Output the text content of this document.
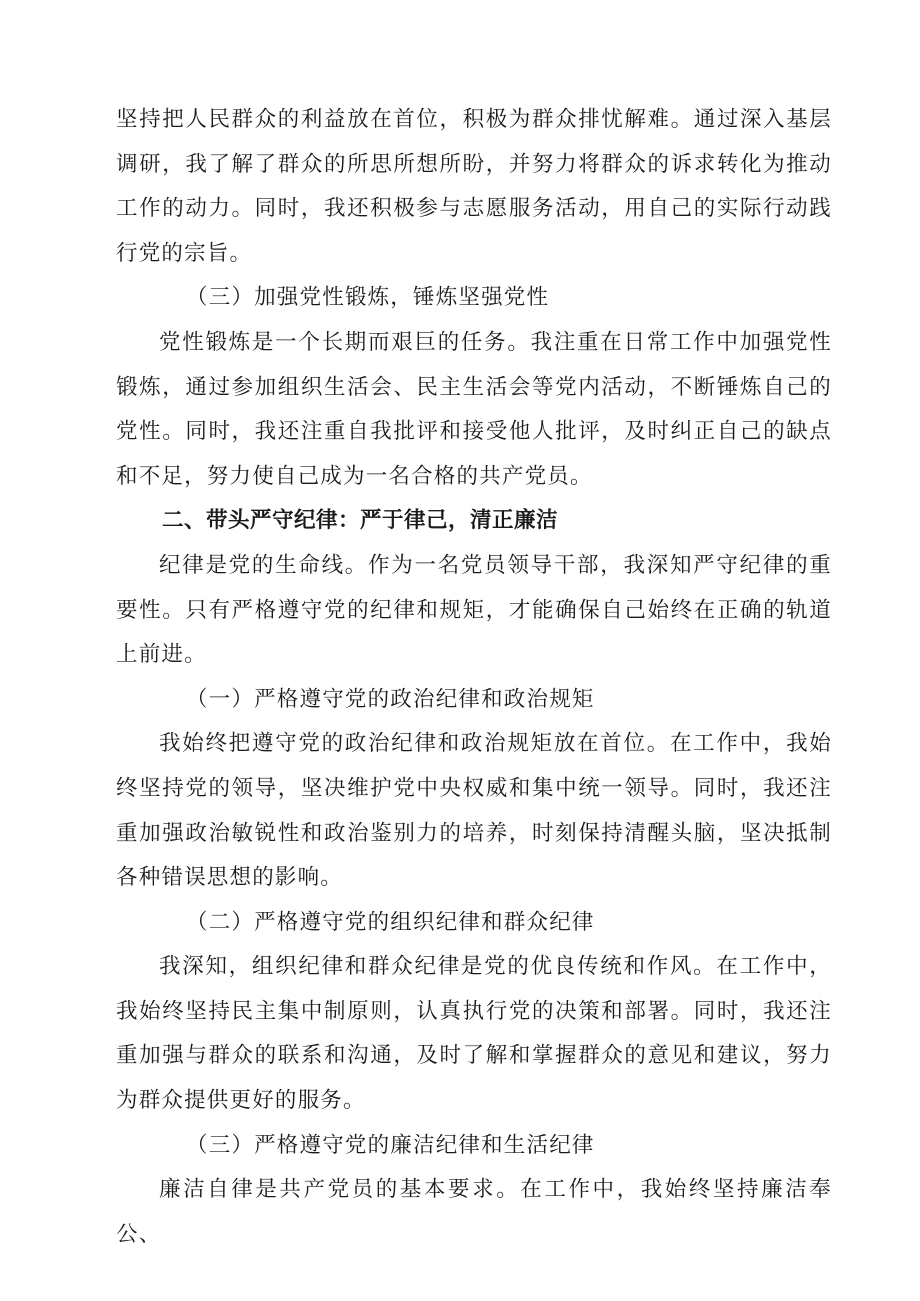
坚持把人民群众的利益放在首位，积极为群众排忧解难。通过深入基层调研，我了解了群众的所思所想所盼，并努力将群众的诉求转化为推动工作的动力。同时，我还积极参与志愿服务活动，用自己的实际行动践行党的宗旨。

（三）加强党性锻炼，锤炼坚强党性

党性锻炼是一个长期而艰巨的任务。我注重在日常工作中加强党性锻炼，通过参加组织生活会、民主生活会等党内活动，不断锤炼自己的党性。同时，我还注重自我批评和接受他人批评，及时纠正自己的缺点和不足，努力使自己成为一名合格的共产党员。

二、带头严守纪律：严于律己，清正廉洁

纪律是党的生命线。作为一名党员领导干部，我深知严守纪律的重要性。只有严格遵守党的纪律和规矩，才能确保自己始终在正确的轨道上前进。

（一）严格遵守党的政治纪律和政治规矩

我始终把遵守党的政治纪律和政治规矩放在首位。在工作中，我始终坚持党的领导，坚决维护党中央权威和集中统一领导。同时，我还注重加强政治敏锐性和政治鉴别力的培养，时刻保持清醒头脑，坚决抵制各种错误思想的影响。

（二）严格遵守党的组织纪律和群众纪律

我深知，组织纪律和群众纪律是党的优良传统和作风。在工作中，我始终坚持民主集中制原则，认真执行党的决策和部署。同时，我还注重加强与群众的联系和沟通，及时了解和掌握群众的意见和建议，努力为群众提供更好的服务。

（三）严格遵守党的廉洁纪律和生活纪律

廉洁自律是共产党员的基本要求。在工作中，我始终坚持廉洁奉公、
